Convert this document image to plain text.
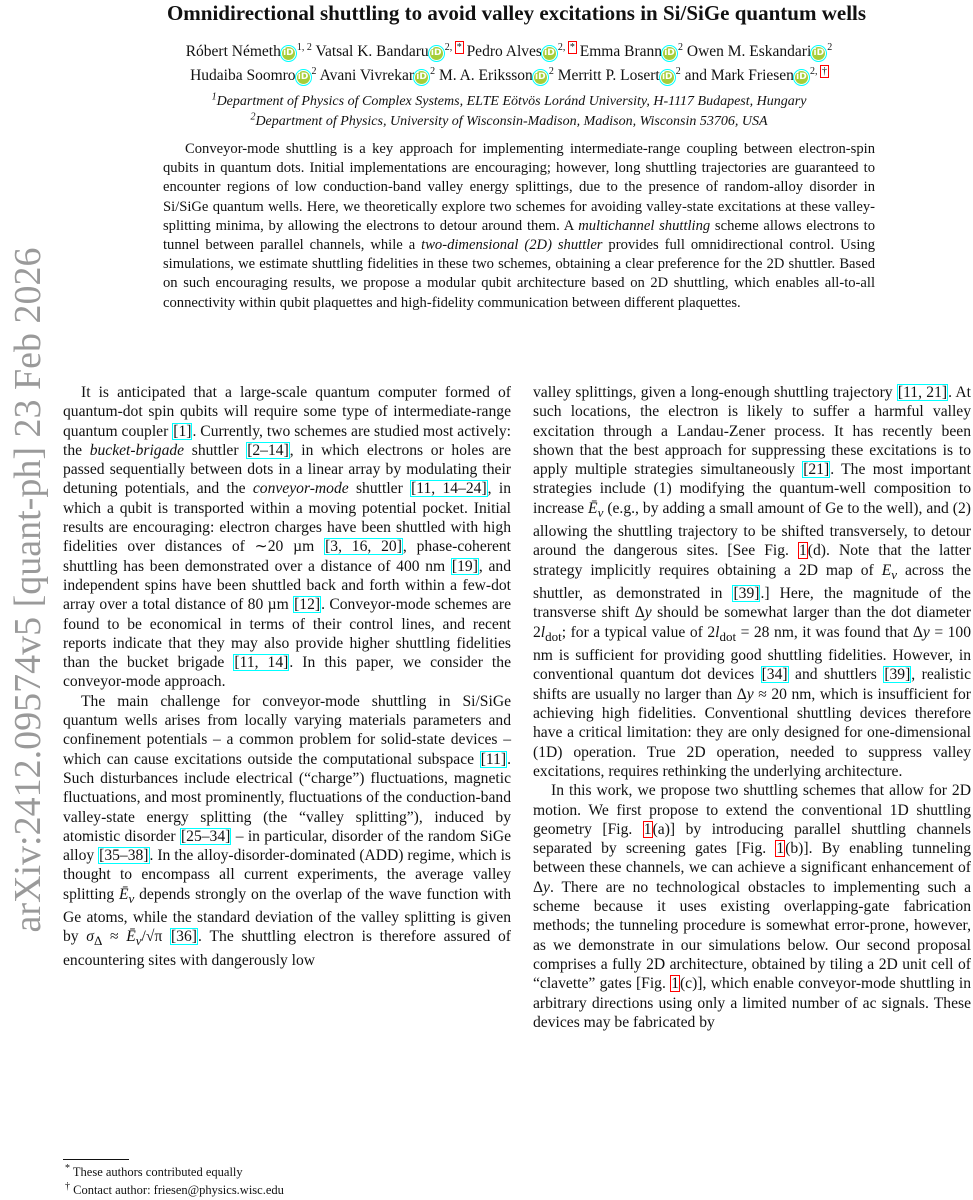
arXiv:2412.09574v5 [quant-ph] 23 Feb 2026
Omnidirectional shuttling to avoid valley excitations in Si/SiGe quantum wells
Róbert Németh iD$^{1, 2}$ Vatsal K. Bandaru $iD^{2, *}$ Pedro Alves $iD^{2, *}$ Emma Brann $iD^2$ Owen M. Eskandari $iD^2$
Hudaiba Soomro $iD^2$ Avani Vivrekar $iD^2$ M. A. Eriksson $iD^2$ Merritt P. Losert $iD^2$ and Mark Friesen $iD^{2, \dagger}$
$^1$Department of Physics of Complex Systems, ELTE Eötvös Loránd University, H-1117 Budapest, Hungary
$^2$Department of Physics, University of Wisconsin-Madison, Madison, Wisconsin 53706, USA

Conveyor-mode shuttling is a key approach for implementing intermediate-range coupling between electron-spin qubits in quantum dots. Initial implementations are encouraging; however, long shuttling trajectories are guaranteed to encounter regions of low conduction-band valley energy splittings, due to the presence of random-alloy disorder in Si/SiGe quantum wells. Here, we theoretically explore two schemes for avoiding valley-state excitations at these valley-splitting minima, by allowing the electrons to detour around them. A multichannel shuttling scheme allows electrons to tunnel between parallel channels, while a two-dimensional (2D) shuttler provides full omnidirectional control. Using simulations, we estimate shuttling fidelities in these two schemes, obtaining a clear preference for the 2D shuttler. Based on such encouraging results, we propose a modular qubit architecture based on 2D shuttling, which enables all-to-all connectivity within qubit plaquettes and high-fidelity communication between different plaquettes.

It is anticipated that a large-scale quantum computer formed of quantum-dot spin qubits will require some type of intermediate-range quantum coupler [1]. Currently, two schemes are studied most actively: the bucket-brigade shuttler [2–14], in which electrons or holes are passed sequentially between dots in a linear array by modulating their detuning potentials, and the conveyor-mode shuttler [11, 14–24], in which a qubit is transported within a moving potential pocket. Initial results are encouraging: electron charges have been shuttled with high fidelities over distances of ∼20 µm [3, 16, 20], phase-coherent shuttling has been demonstrated over a distance of 400 nm [19], and independent spins have been shuttled back and forth within a few-dot array over a total distance of 80 µm [12]. Conveyor-mode schemes are found to be economical in terms of their control lines, and recent reports indicate that they may also provide higher shuttling fidelities than the bucket brigade [11, 14]. In this paper, we consider the conveyor-mode approach.

The main challenge for conveyor-mode shuttling in Si/SiGe quantum wells arises from locally varying materials parameters and confinement potentials – a common problem for solid-state devices – which can cause excitations outside the computational subspace [11]. Such disturbances include electrical (“charge”) fluctuations, magnetic fluctuations, and most prominently, fluctuations of the conduction-band valley-state energy splitting (the “valley splitting”), induced by atomistic disorder [25–34] – in particular, disorder of the random SiGe alloy [35–38]. In the alloy-disorder-dominated (ADD) regime, which is thought to encompass all current experiments, the average valley splitting $Ē_v$ depends strongly on the overlap of the wave function with Ge atoms, while the standard deviation of the valley splitting is given by $\sigma_\Delta$ ≈ $Ē_v/√\pi$ [36]. The shuttling electron is therefore assured of encountering sites with dangerously low

valley splittings, given a long-enough shuttling trajectory [11, 21]. At such locations, the electron is likely to suffer a harmful valley excitation through a Landau-Zener process. It has recently been shown that the best approach for suppressing these excitations is to apply multiple strategies simultaneously [21]. The most important strategies include (1) modifying the quantum-well composition to increase $Ē_v$ (e.g., by adding a small amount of Ge to the well), and (2) allowing the shuttling trajectory to be shifted transversely, to detour around the dangerous sites. [See Fig. 1(d). Note that the latter strategy implicitly requires obtaining a 2D map of $E_v$ across the shuttler, as demonstrated in [39].] Here, the magnitude of the transverse shift Δy should be somewhat larger than the dot diameter $2l_{dot}$; for a typical value of $2l_{dot} = 28$ nm, it was found that Δy = 100 nm is sufficient for providing good shuttling fidelities. However, in conventional quantum dot devices [34] and shuttlers [39], realistic shifts are usually no larger than Δy ≈ 20 nm, which is insufficient for achieving high fidelities. Conventional shuttling devices therefore have a critical limitation: they are only designed for one-dimensional (1D) operation. True 2D operation, needed to suppress valley excitations, requires rethinking the underlying architecture.

In this work, we propose two shuttling schemes that allow for 2D motion. We first propose to extend the conventional 1D shuttling geometry [Fig. 1(a)] by introducing parallel shuttling channels separated by screening gates [Fig. 1(b)]. By enabling tunneling between these channels, we can achieve a significant enhancement of Δy. There are no technological obstacles to implementing such a scheme because it uses existing overlapping-gate fabrication methods; the tunneling procedure is somewhat error-prone, however, as we demonstrate in our simulations below. Our second proposal comprises a fully 2D architecture, obtained by tiling a 2D unit cell of “clavette” gates [Fig. 1(c)], which enable conveyor-mode shuttling in arbitrary directions using only a limited number of ac signals. These devices may be fabricated by

* These authors contributed equally
† Contact author: friesen@physics.wisc.edu
